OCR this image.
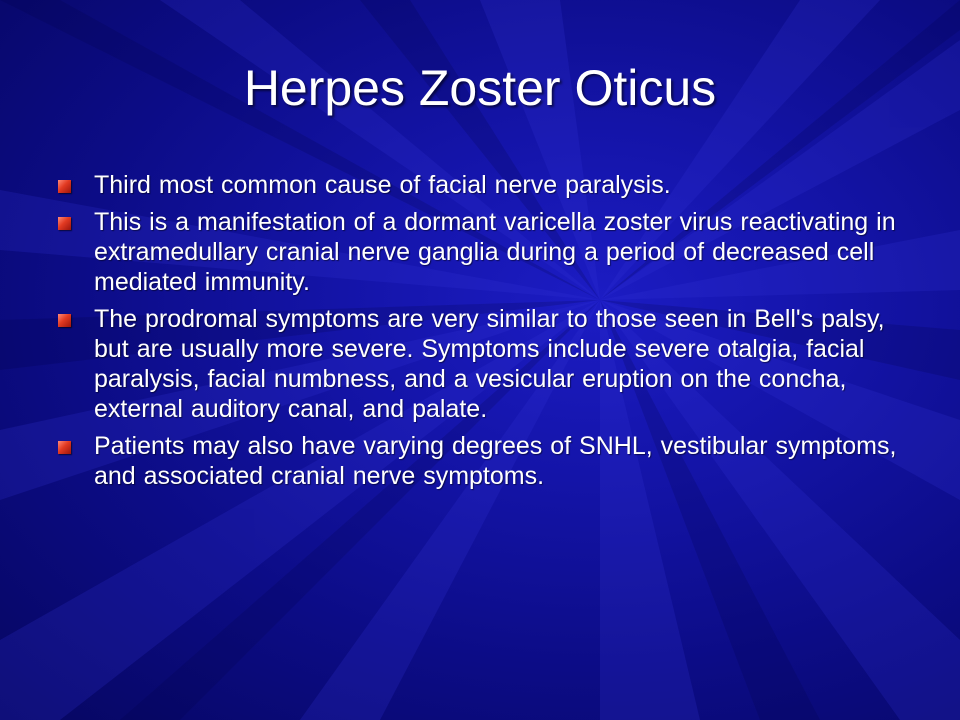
Herpes Zoster Oticus
Third most common cause of facial nerve paralysis.
This is a manifestation of a dormant varicella zoster virus reactivating in extramedullary cranial nerve ganglia during a period of decreased cell mediated immunity.
The prodromal symptoms are very similar to those seen in Bell's palsy, but are usually more severe. Symptoms include severe otalgia, facial paralysis, facial numbness, and a vesicular eruption on the concha, external auditory canal, and palate.
Patients may also have varying degrees of SNHL, vestibular symptoms, and associated cranial nerve symptoms.
